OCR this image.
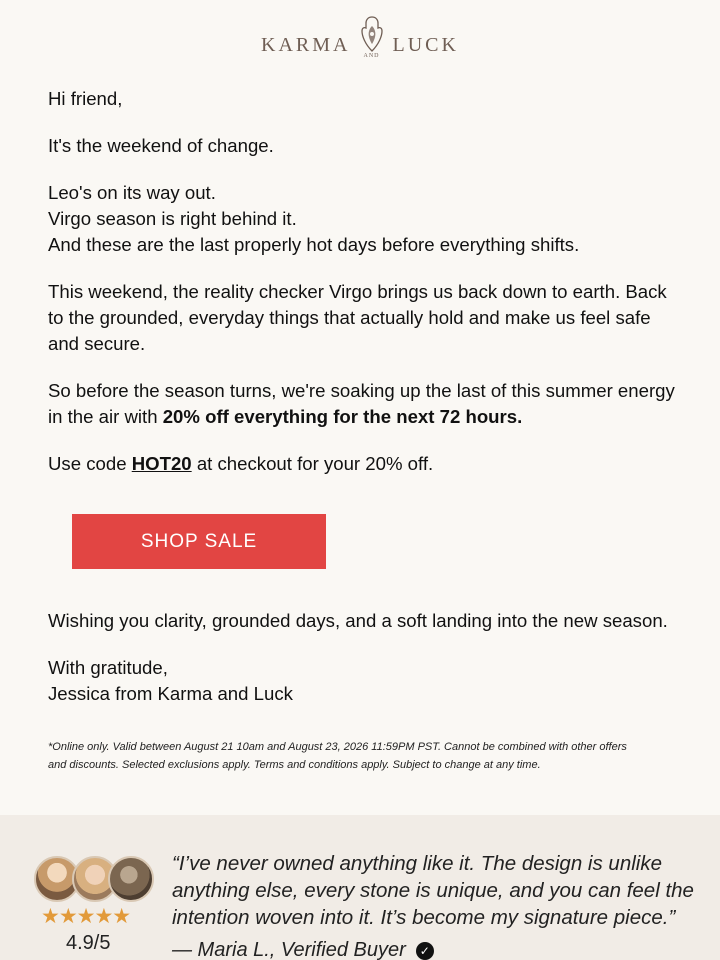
KARMA	AND LUCK

Hi friend,

It's the weekend of change.

Leo's on its way out.
Virgo season is right behind it.
And these are the last properly hot days before everything shifts.

This weekend, the reality checker Virgo brings us back down to earth. Back
to the grounded, everyday things that actually hold and make us feel safe
and secure.

So before the season turns, we're soaking up the last of this summer energy
in the air with 20% off everything for the next 72 hours.

Use code HOT20 at checkout for your 20% off.

SHOP SALE

Wishing you clarity, grounded days, and a soft landing into the new season.

With gratitude,
Jessica from Karma and Luck

*Online only. Valid between August 21 10am and August 23, 2026 11:59PM PST. Cannot be combined with other offers
and discounts. Selected exclusions apply. Terms and conditions apply. Subject to change at any time.
★★★★★
4.9/5
“I’ve never owned anything like it. The design is unlike
anything else, every stone is unique, and you can feel the
intention woven into it. It’s become my signature piece.”
— Maria L., Verified Buyer	✓
